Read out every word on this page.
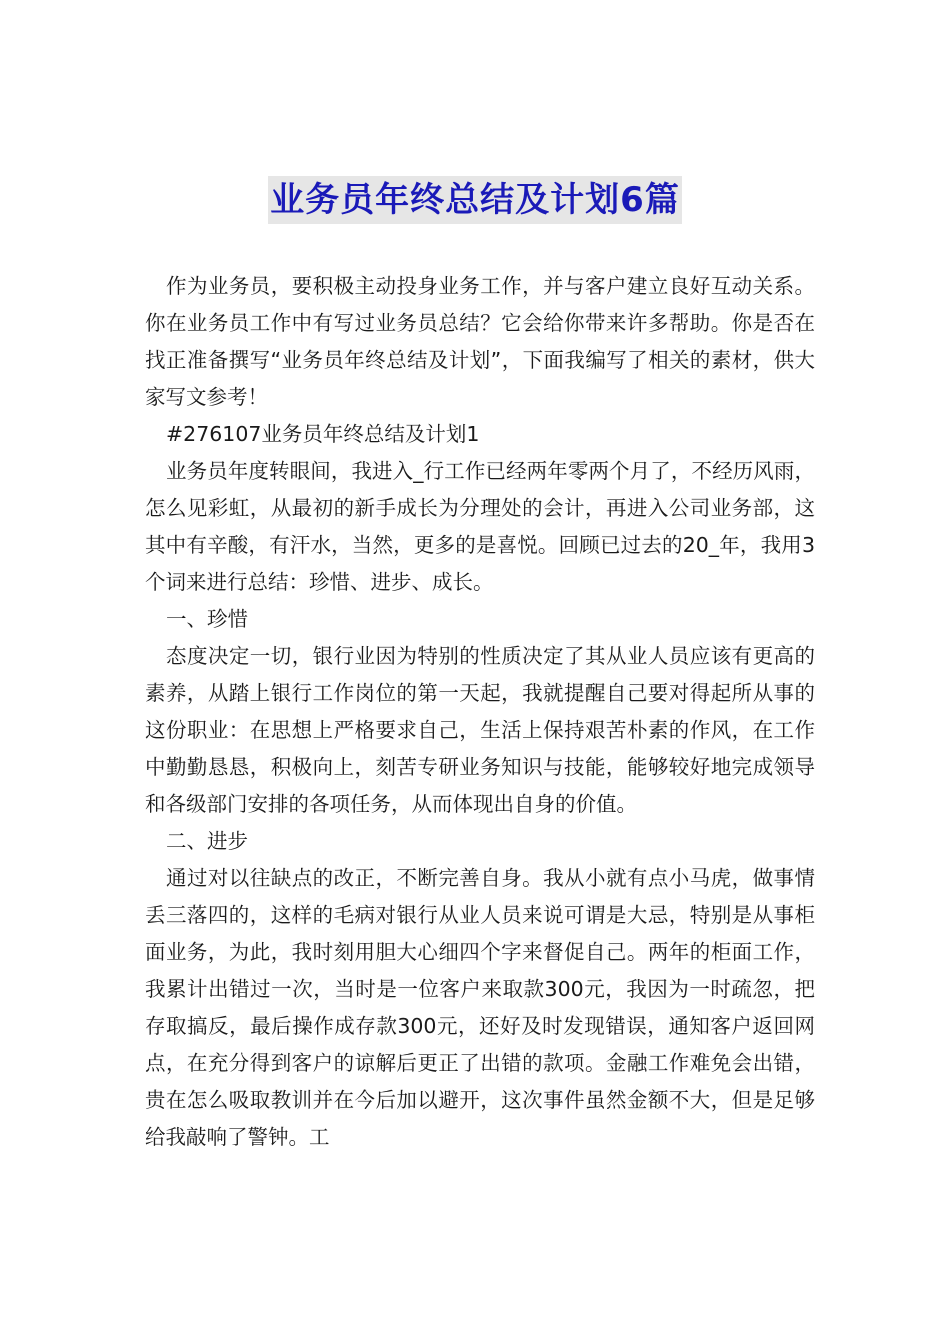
业务员年终总结及计划6篇

作为业务员，要积极主动投身业务工作，并与客户建立良好互动关系。你在业务员工作中有写过业务员总结？它会给你带来许多帮助。你是否在找正准备撰写“业务员年终总结及计划”，下面我编写了相关的素材，供大家写文参考！

#276107业务员年终总结及计划1

业务员年度转眼间，我进入_行工作已经两年零两个月了，不经历风雨，怎么见彩虹，从最初的新手成长为分理处的会计，再进入公司业务部，这其中有辛酸，有汗水，当然，更多的是喜悦。回顾已过去的20_年，我用3个词来进行总结：珍惜、进步、成长。

一、珍惜

态度决定一切，银行业因为特别的性质决定了其从业人员应该有更高的素养，从踏上银行工作岗位的第一天起，我就提醒自己要对得起所从事的这份职业：在思想上严格要求自己，生活上保持艰苦朴素的作风，在工作中勤勤恳恳，积极向上，刻苦专研业务知识与技能，能够较好地完成领导和各级部门安排的各项任务，从而体现出自身的价值。

二、进步

通过对以往缺点的改正，不断完善自身。我从小就有点小马虎，做事情丢三落四的，这样的毛病对银行从业人员来说可谓是大忌，特别是从事柜面业务，为此，我时刻用胆大心细四个字来督促自己。两年的柜面工作，我累计出错过一次，当时是一位客户来取款300元，我因为一时疏忽，把存取搞反，最后操作成存款300元，还好及时发现错误，通知客户返回网点，在充分得到客户的谅解后更正了出错的款项。金融工作难免会出错，贵在怎么吸取教训并在今后加以避开，这次事件虽然金额不大，但是足够给我敲响了警钟。工
